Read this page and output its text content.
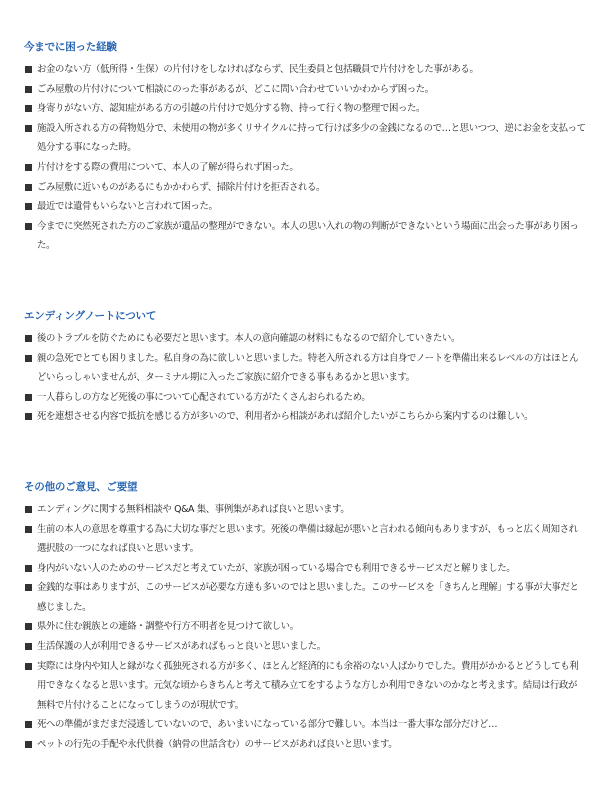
今までに困った経験
お金のない方（低所得・生保）の片付けをしなければならず、民生委員と包括職員で片付けをした事がある。
ごみ屋敷の片付けについて相談にのった事があるが、どこに問い合わせていいかわからず困った。
身寄りがない方、認知症がある方の引越の片付けで処分する物、持って行く物の整理で困った。
施設入所される方の荷物処分で、未使用の物が多くリサイクルに持って行けば多少の金銭になるので…と思いつつ、逆にお金を支払って処分する事になった時。
片付けをする際の費用について、本人の了解が得られず困った。
ごみ屋敷に近いものがあるにもかかわらず、掃除片付けを拒否される。
最近では遺骨もいらないと言われて困った。
今までに突然死された方のご家族が遺品の整理ができない。本人の思い入れの物の判断ができないという場面に出会った事があり困った。
エンディングノートについて
後のトラブルを防ぐためにも必要だと思います。本人の意向確認の材料にもなるので紹介していきたい。
親の急死でとても困りました。私自身の為に欲しいと思いました。特老入所される方は自身でノートを準備出来るレベルの方はほとんどいらっしゃいませんが、ターミナル期に入ったご家族に紹介できる事もあるかと思います。
一人暮らしの方など死後の事について心配されている方がたくさんおられるため。
死を連想させる内容で抵抗を感じる方が多いので、利用者から相談があれば紹介したいがこちらから案内するのは難しい。
その他のご意見、ご要望
エンディングに関する無料相談や Q&A 集、事例集があれば良いと思います。
生前の本人の意思を尊重する為に大切な事だと思います。死後の準備は縁起が悪いと言われる傾向もありますが、もっと広く周知され選択肢の一つになれば良いと思います。
身内がいない人のためのサービスだと考えていたが、家族が困っている場合でも利用できるサービスだと解りました。
金銭的な事はありますが、このサービスが必要な方達も多いのではと思いました。このサービスを「きちんと理解」する事が大事だと感じました。
県外に住む親族との連絡・調整や行方不明者を見つけて欲しい。
生活保護の人が利用できるサービスがあればもっと良いと思いました。
実際には身内や知人と縁がなく孤独死される方が多く、ほとんど経済的にも余裕のない人ばかりでした。費用がかかるとどうしても利用できなくなると思います。元気な頃からきちんと考えて積み立てをするような方しか利用できないのかなと考えます。結局は行政が無料で片付けることになってしまうのが現状です。
死への準備がまだまだ浸透していないので、あいまいになっている部分で難しい。本当は一番大事な部分だけど…
ペットの行先の手配や永代供養（納骨の世話含む）のサービスがあれば良いと思います。
